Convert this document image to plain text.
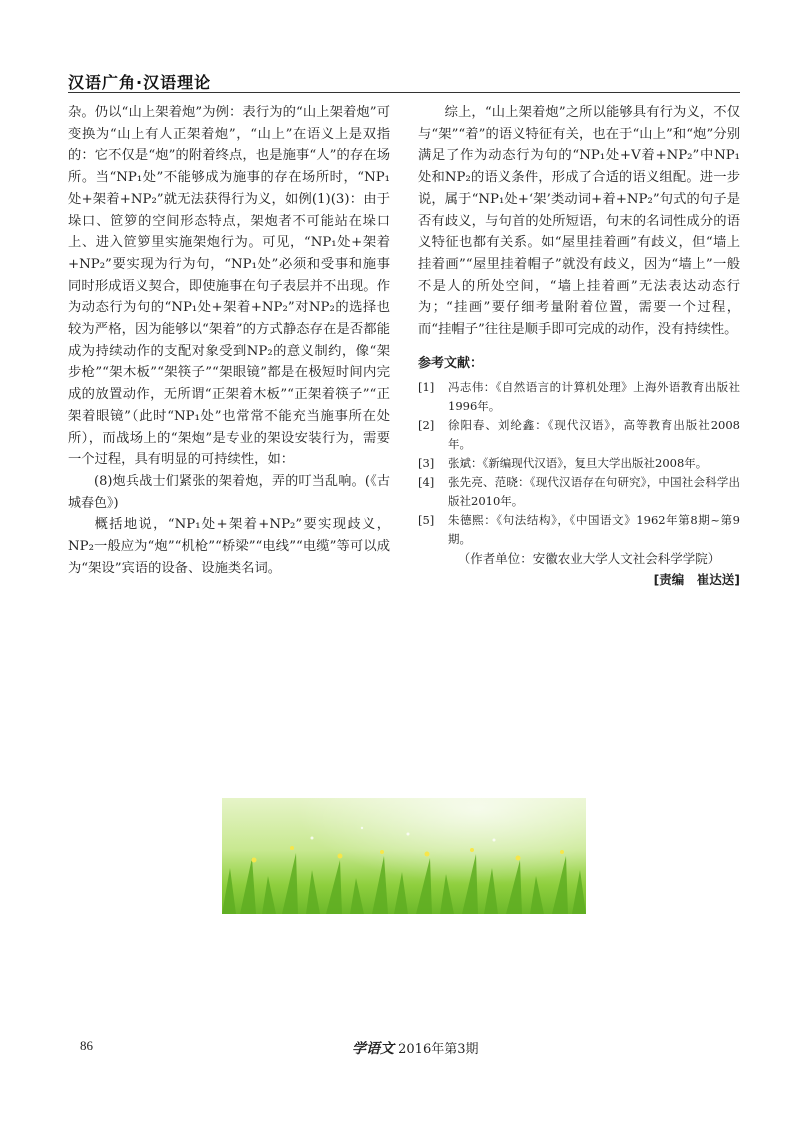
汉语广角·汉语理论

杂。仍以“山上架着炮”为例：表行为的“山上架着炮”可变换为“山上有人正架着炮”，“山上”在语义上是双指的：它不仅是“炮”的附着终点，也是施事“人”的存在场所。当“NP₁处”不能够成为施事的存在场所时，“NP₁处+架着+NP₂”就无法获得行为义，如例(1)(3)：由于垛口、笸箩的空间形态特点，架炮者不可能站在垛口上、进入笸箩里实施架炮行为。可见，“NP₁处+架着+NP₂”要实现为行为句，“NP₁处”必须和受事和施事同时形成语义契合，即使施事在句子表层并不出现。作为动态行为句的“NP₁处+架着+NP₂”对NP₂的选择也较为严格，因为能够以“架着”的方式静态存在是否都能成为持续动作的支配对象受到NP₂的意义制约，像“架步枪”“架木板”“架筷子”“架眼镜”都是在极短时间内完成的放置动作，无所谓“正架着木板”“正架着筷子”“正架着眼镜”（此时“NP₁处”也常常不能充当施事所在处所），而战场上的“架炮”是专业的架设安装行为，需要一个过程，具有明显的可持续性，如：

(8)炮兵战士们紧张的架着炮，弄的叮当乱响。(《古城春色》)

概括地说，“NP₁处+架着+NP₂”要实现歧义，NP₂一般应为“炮”“机枪”“桥梁”“电线”“电缆”等可以成为“架设”宾语的设备、设施类名词。

综上，“山上架着炮”之所以能够具有行为义，不仅与“架”“着”的语义特征有关，也在于“山上”和“炮”分别满足了作为动态行为句的“NP₁处+V着+NP₂”中NP₁处和NP₂的语义条件，形成了合适的语义组配。进一步说，属于“NP₁处+‘架’类动词+着+NP₂”句式的句子是否有歧义，与句首的处所短语，句末的名词性成分的语义特征也都有关系。如“屋里挂着画”有歧义，但“墙上挂着画”“屋里挂着帽子”就没有歧义，因为“墙上”一般不是人的所处空间，“墙上挂着画”无法表达动态行为；“挂画”要仔细考量附着位置，需要一个过程，而“挂帽子”往往是顺手即可完成的动作，没有持续性。

参考文献：
[1]	冯志伟：《自然语言的计算机处理》上海外语教育出版社1996年。
[2]	徐阳春、刘纶鑫：《现代汉语》，高等教育出版社2008年。
[3]	张斌：《新编现代汉语》，复旦大学出版社2008年。
[4]	张先亮、范晓：《现代汉语存在句研究》，中国社会科学出版社2010年。
[5]	朱德熙：《句法结构》，《中国语文》1962年第8期~第9期。
（作者单位：安徽农业大学人文社会科学学院）
[责编　崔达送]
86	学语文 2016年第3期
